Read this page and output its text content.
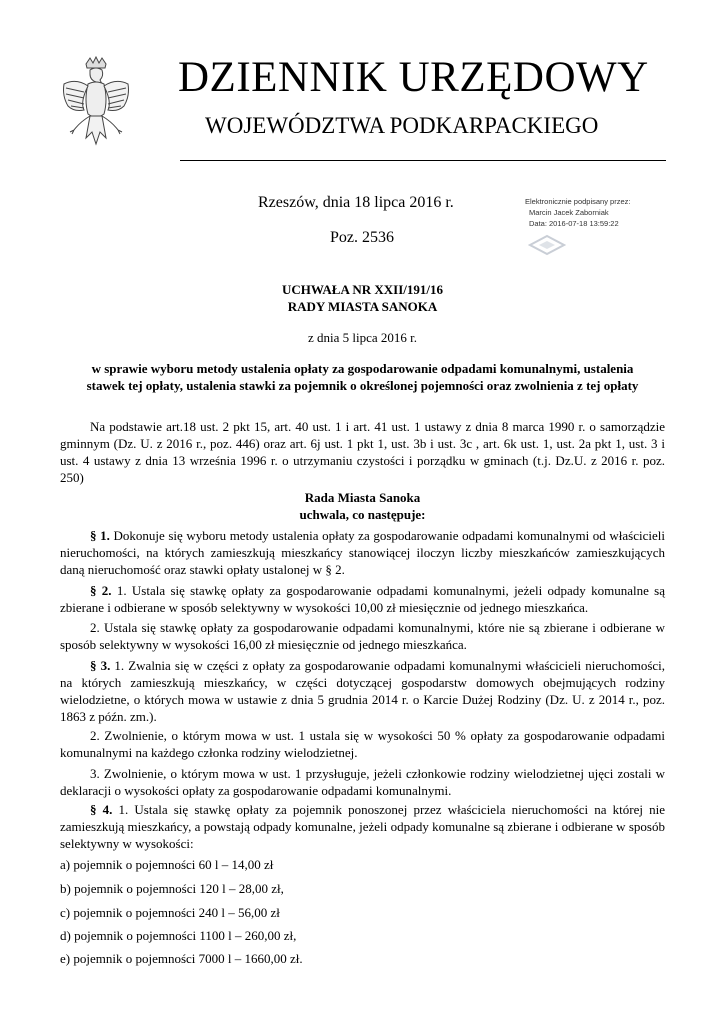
DZIENNIK URZĘDOWY
WOJEWÓDZTWA PODKARPACKIEGO
Rzeszów, dnia 18 lipca 2016 r.
Poz. 2536
Elektronicznie podpisany przez:
Marcin Jacek Zaborniak
Data: 2016-07-18 13:59:22
UCHWAŁA NR XXII/191/16
RADY MIASTA SANOKA
z dnia 5 lipca 2016 r.
w sprawie wyboru metody ustalenia opłaty za gospodarowanie odpadami komunalnymi, ustalenia
stawek tej opłaty, ustalenia stawki za pojemnik o określonej pojemności oraz zwolnienia z tej opłaty

Na podstawie art.18 ust. 2 pkt 15, art. 40 ust. 1 i art. 41 ust. 1 ustawy z dnia 8 marca 1990 r. o samorządzie gminnym (Dz. U. z 2016 r., poz. 446) oraz art. 6j ust. 1 pkt 1, ust. 3b i ust. 3c , art. 6k ust. 1, ust. 2a pkt 1, ust. 3 i ust. 4 ustawy z dnia 13 września 1996 r. o utrzymaniu czystości i porządku w gminach (t.j. Dz.U. z 2016 r. poz. 250)

Rada Miasta Sanoka
uchwala, co następuje:

§ 1. Dokonuje się wyboru metody ustalenia opłaty za gospodarowanie odpadami komunalnymi od właścicieli nieruchomości, na których zamieszkują mieszkańcy stanowiącej iloczyn liczby mieszkańców zamieszkujących daną nieruchomość oraz stawki opłaty ustalonej w § 2.

§ 2. 1. Ustala się stawkę opłaty za gospodarowanie odpadami komunalnymi, jeżeli odpady komunalne są zbierane i odbierane w sposób selektywny w wysokości 10,00 zł miesięcznie od jednego mieszkańca.

2. Ustala się stawkę opłaty za gospodarowanie odpadami komunalnymi, które nie są zbierane i odbierane w sposób selektywny w wysokości 16,00 zł miesięcznie od jednego mieszkańca.

§ 3. 1. Zwalnia się w części z opłaty za gospodarowanie odpadami komunalnymi właścicieli nieruchomości, na których zamieszkują mieszkańcy, w części dotyczącej gospodarstw domowych obejmujących rodziny wielodzietne, o których mowa w ustawie z dnia 5 grudnia 2014 r. o Karcie Dużej Rodziny (Dz. U. z 2014 r., poz. 1863 z późn. zm.).

2. Zwolnienie, o którym mowa w ust. 1 ustala się w wysokości 50 % opłaty za gospodarowanie odpadami komunalnymi na każdego członka rodziny wielodzietnej.

3. Zwolnienie, o którym mowa w ust. 1 przysługuje, jeżeli członkowie rodziny wielodzietnej ujęci zostali w deklaracji o wysokości opłaty za gospodarowanie odpadami komunalnymi.

§ 4. 1. Ustala się stawkę opłaty za pojemnik ponoszonej przez właściciela nieruchomości na której nie zamieszkują mieszkańcy, a powstają odpady komunalne, jeżeli odpady komunalne są zbierane i odbierane w sposób selektywny w wysokości:

a) pojemnik o pojemności 60 l – 14,00 zł

b) pojemnik o pojemności 120 l – 28,00 zł,

c) pojemnik o pojemności 240 l – 56,00 zł

d) pojemnik o pojemności 1100 l – 260,00 zł,

e) pojemnik o pojemności 7000 l – 1660,00 zł.
